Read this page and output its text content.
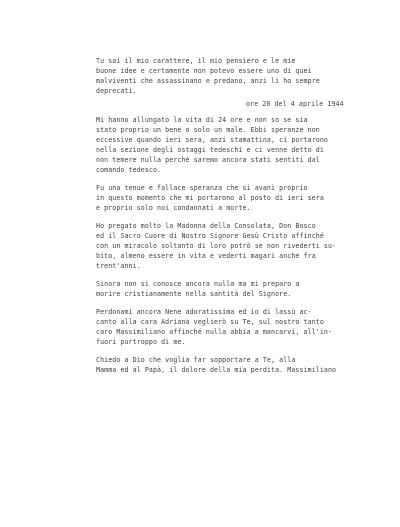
Tu sai il mio carattere, il mio pensiero e le mie
buone idee e certamente non potevo essere uno di quei
malviventi che assassinano e predano, anzi li ho sempre
deprecati.
ore 20 del 4 aprile 1944
Mi hanno allungato la vita di 24 ore e non so se sia
stato proprio un bene o solo un male. Ebbi speranze non
eccessive quando ieri sera, anzi stamattina, ci portarono
nella sezione degli ostaggi tedeschi e ci venne detto di
non temere nulla perché saremo ancora stati sentiti dal
comando tedesco.
Fu una tenue e fallace speranza che si avanì proprio
in questo momento che mi portarono al posto di ieri sera
e proprio solo noi condannati a morte.
Ho pregato molto la Madonna della Consolata, Don Bosco
ed il Sacro Cuore di Nostro Signore Gesù Cristo affinché
con un miracolo soltanto di loro potrò se non rivederti su-
bito, almeno essere in vita e vederti magari anche fra
trent'anni.
Sinora non si conosce ancora nulla ma mi preparo a
morire cristianamente nella santità del Signore.
Perdonami ancora Nene adoratissima ed io di lassù ac-
canto alla cara Adriana veglierò su Te, sul nostro tanto
caro Massimiliano affinché nulla abbia a mancarvi, all'in-
fuori purtroppo di me.
Chiedo a Dio che voglia far sopportare a Te, alla
Mamma ed al Papà, il dolore della mia perdita. Massimiliano
